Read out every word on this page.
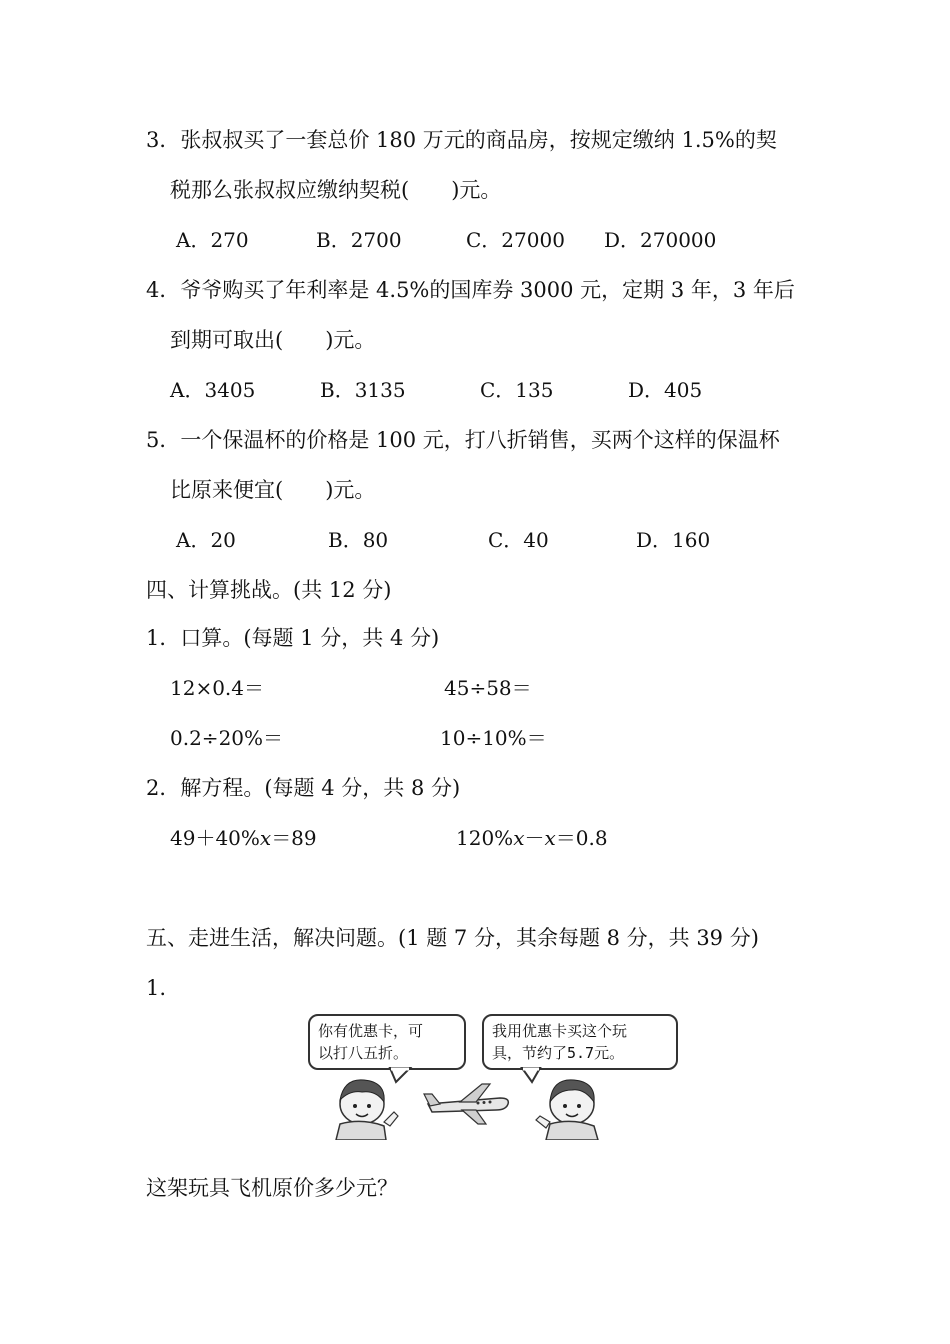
3．张叔叔买了一套总价 180 万元的商品房，按规定缴纳 1.5%的契
税那么张叔叔应缴纳契税(　　)元。
A．270	B．2700	C．27000 D．270000
4．爷爷购买了年利率是 4.5%的国库券 3000 元，定期 3 年，3 年后
到期可取出(　　)元。
A．3405	B．3135	C．135	D．405
5．一个保温杯的价格是 100 元，打八折销售，买两个这样的保温杯
比原来便宜(　　)元。
A．20	B．80	C．40	D．160
四、计算挑战。(共 12 分)
1．口算。(每题 1 分，共 4 分)
12×0.4＝	45÷58＝
0.2÷20%＝	10÷10%＝
2．解方程。(每题 4 分，共 8 分)
49＋40%x＝89	120%x－x＝0.8
五、走进生活，解决问题。(1 题 7 分，其余每题 8 分，共 39 分)
1.
你有优惠卡，可
以打八五折。
我用优惠卡买这个玩
具，节约了5.7元。
这架玩具飞机原价多少元？
